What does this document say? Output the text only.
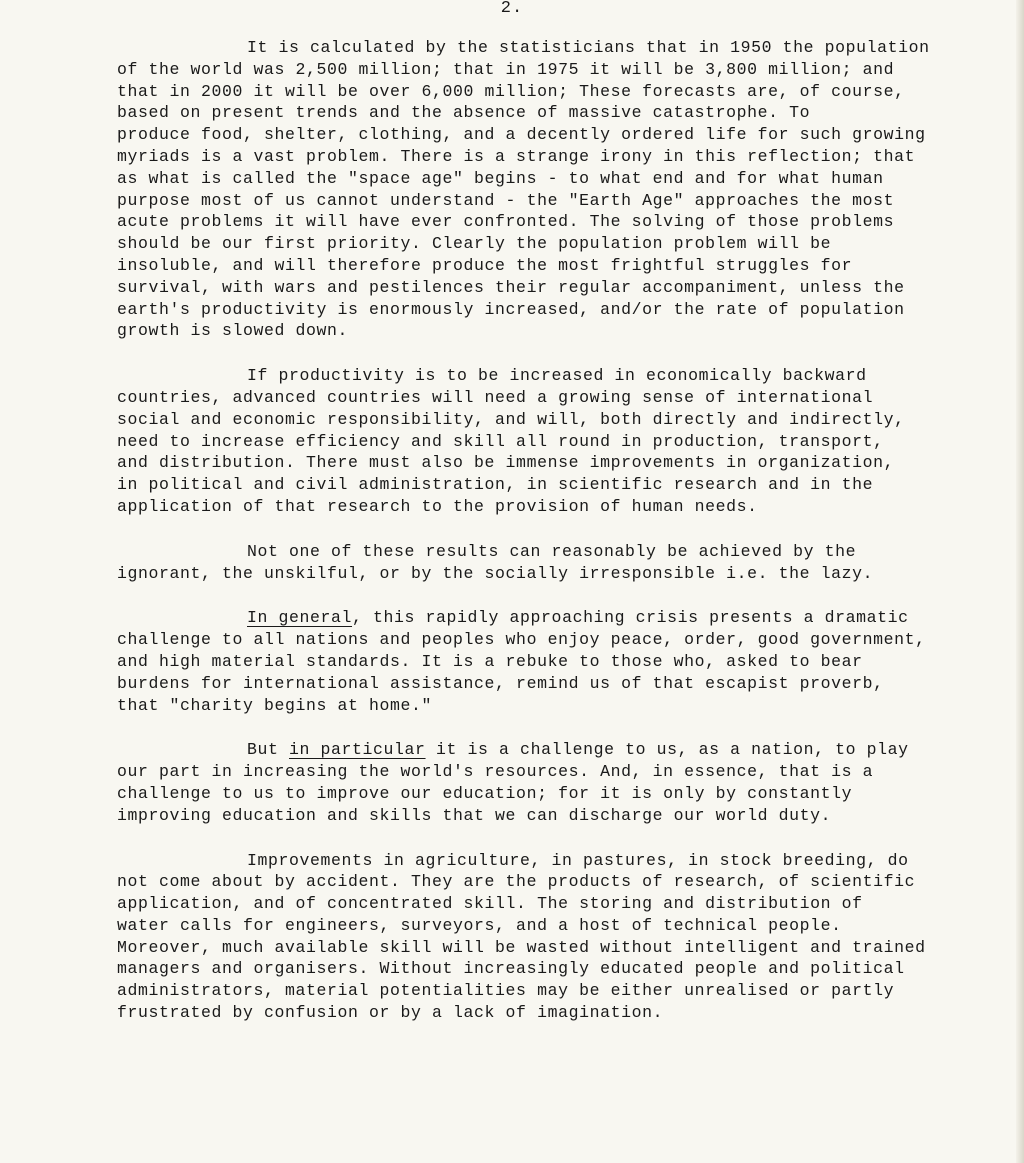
2.

It is calculated by the statisticians that in 1950 the population
of the world was 2,500 million; that in 1975 it will be 3,800 million; and
that in 2000 it will be over 6,000 million; These forecasts are, of course,
based on present trends and the absence of massive catastrophe. To
produce food, shelter, clothing, and a decently ordered life for such growing
myriads is a vast problem. There is a strange irony in this reflection; that
as what is called the "space age" begins - to what end and for what human
purpose most of us cannot understand - the "Earth Age" approaches the most
acute problems it will have ever confronted. The solving of those problems
should be our first priority. Clearly the population problem will be
insoluble, and will therefore produce the most frightful struggles for
survival, with wars and pestilences their regular accompaniment, unless the
earth's productivity is enormously increased, and/or the rate of population
growth is slowed down.

If productivity is to be increased in economically backward
countries, advanced countries will need a growing sense of international
social and economic responsibility, and will, both directly and indirectly,
need to increase efficiency and skill all round in production, transport,
and distribution. There must also be immense improvements in organization,
in political and civil administration, in scientific research and in the
application of that research to the provision of human needs.

Not one of these results can reasonably be achieved by the
ignorant, the unskilful, or by the socially irresponsible i.e. the lazy.

In general, this rapidly approaching crisis presents a dramatic
challenge to all nations and peoples who enjoy peace, order, good government,
and high material standards. It is a rebuke to those who, asked to bear
burdens for international assistance, remind us of that escapist proverb,
that "charity begins at home."

But in particular it is a challenge to us, as a nation, to play
our part in increasing the world's resources. And, in essence, that is a
challenge to us to improve our education; for it is only by constantly
improving education and skills that we can discharge our world duty.

Improvements in agriculture, in pastures, in stock breeding, do
not come about by accident. They are the products of research, of scientific
application, and of concentrated skill. The storing and distribution of
water calls for engineers, surveyors, and a host of technical people.
Moreover, much available skill will be wasted without intelligent and trained
managers and organisers. Without increasingly educated people and political
administrators, material potentialities may be either unrealised or partly
frustrated by confusion or by a lack of imagination.
